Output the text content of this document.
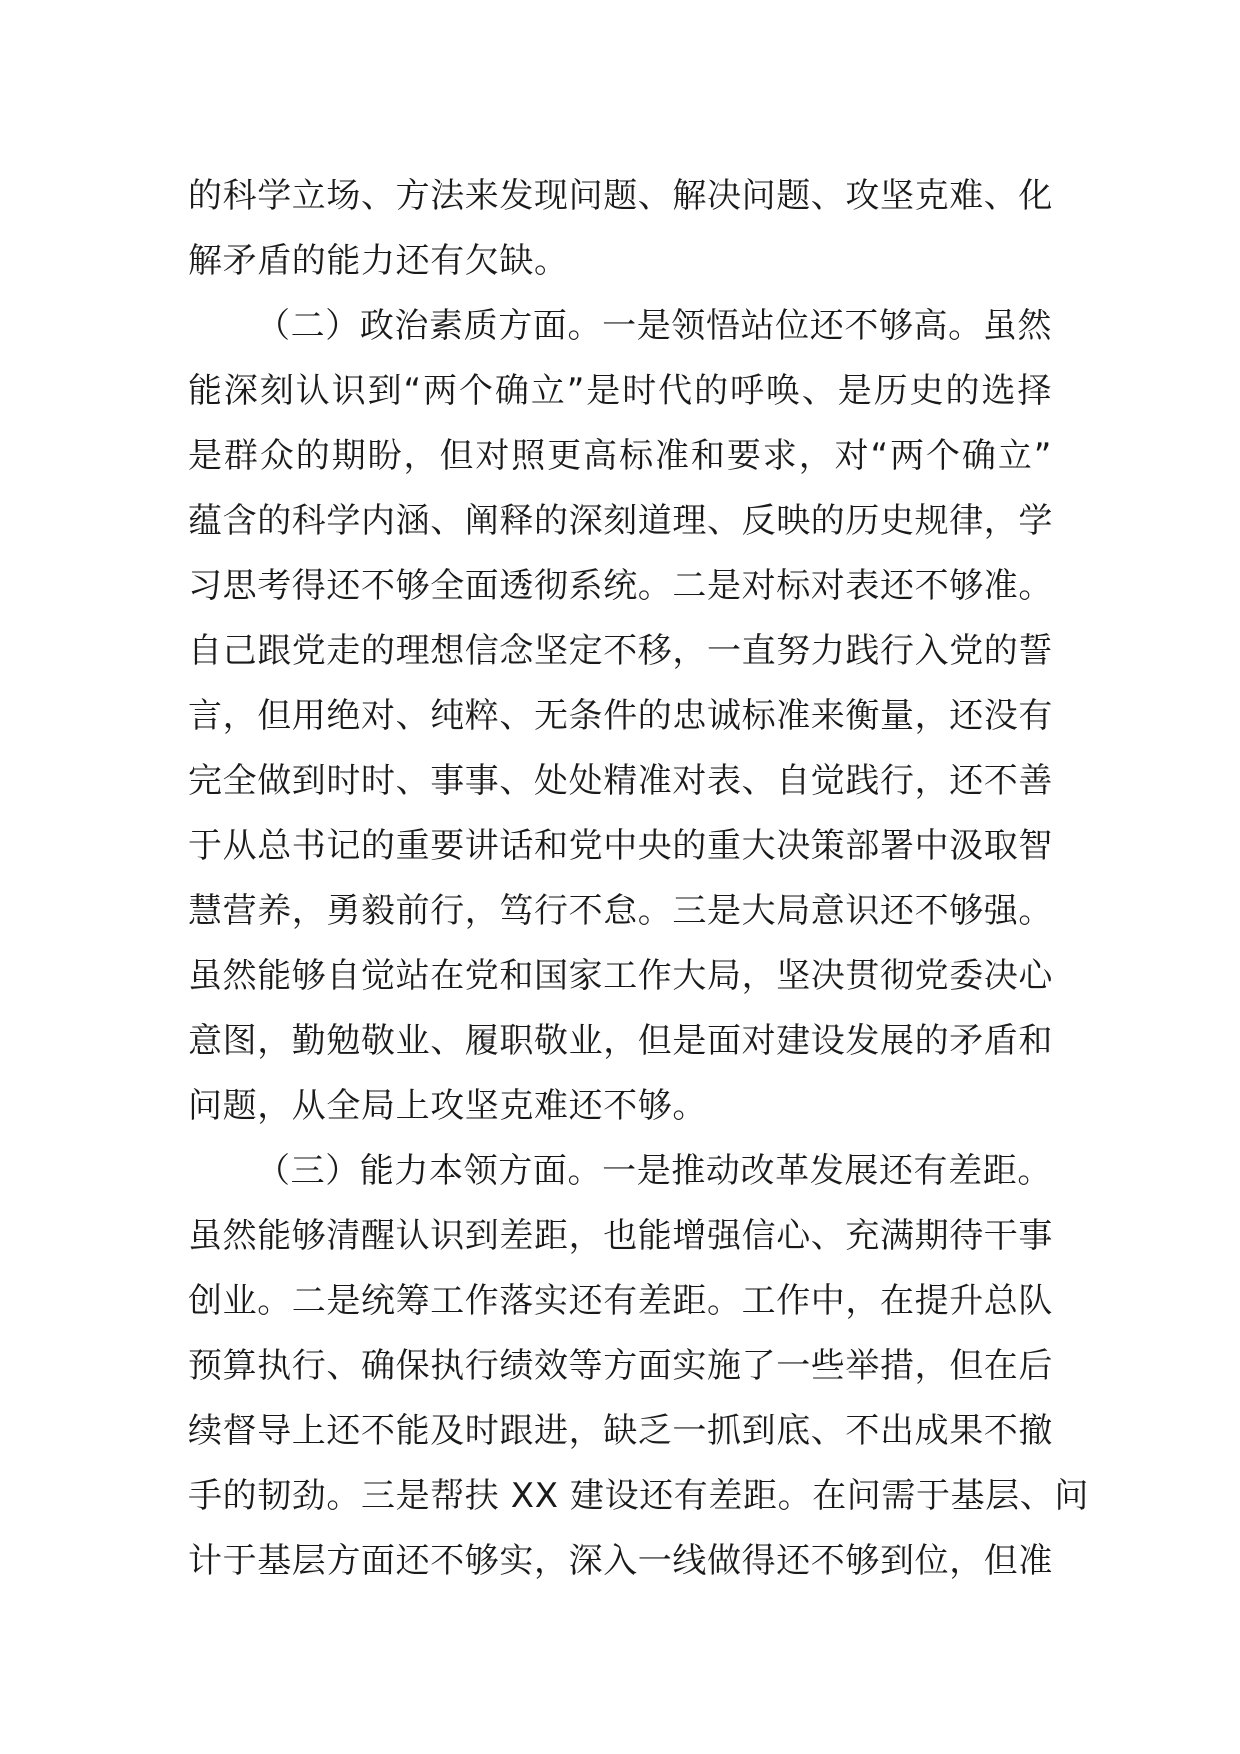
的科学立场、方法来发现问题、解决问题、攻坚克难、化
解矛盾的能力还有欠缺。
（二）政治素质方面。一是领悟站位还不够高。虽然
能深刻认识到“两个确立”是时代的呼唤、是历史的选择
是群众的期盼，但对照更高标准和要求，对“两个确立”
蕴含的科学内涵、阐释的深刻道理、反映的历史规律，学
习思考得还不够全面透彻系统。二是对标对表还不够准。
自己跟党走的理想信念坚定不移，一直努力践行入党的誓
言，但用绝对、纯粹、无条件的忠诚标准来衡量，还没有
完全做到时时、事事、处处精准对表、自觉践行，还不善
于从总书记的重要讲话和党中央的重大决策部署中汲取智
慧营养，勇毅前行，笃行不怠。三是大局意识还不够强。
虽然能够自觉站在党和国家工作大局，坚决贯彻党委决心
意图，勤勉敬业、履职敬业，但是面对建设发展的矛盾和
问题，从全局上攻坚克难还不够。
（三）能力本领方面。一是推动改革发展还有差距。
虽然能够清醒认识到差距，也能增强信心、充满期待干事
创业。二是统筹工作落实还有差距。工作中，在提升总队
预算执行、确保执行绩效等方面实施了一些举措，但在后
续督导上还不能及时跟进，缺乏一抓到底、不出成果不撤
手的韧劲。三是帮扶 XX 建设还有差距。在问需于基层、问
计于基层方面还不够实，深入一线做得还不够到位，但准
